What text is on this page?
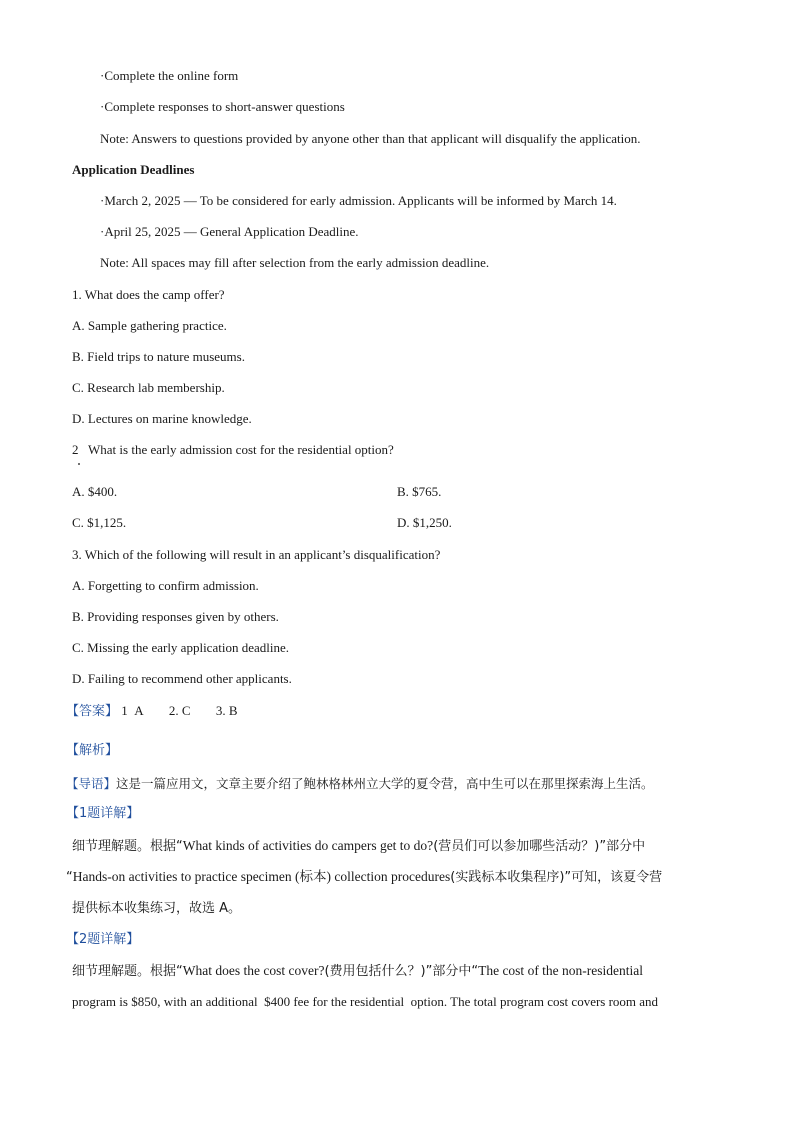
·Complete the online form
·Complete responses to short-answer questions
Note: Answers to questions provided by anyone other than that applicant will disqualify the application.
Application Deadlines
·March 2, 2025 — To be considered for early admission. Applicants will be informed by March 14.
·April 25, 2025 — General Application Deadline.
Note: All spaces may fill after selection from the early admission deadline.
1. What does the camp offer?
A. Sample gathering practice.
B. Field trips to nature museums.
C. Research lab membership.
D. Lectures on marine knowledge.
2   What is the early admission cost for the residential option?
A. $400.	B. $765.
C. $1,125.	D. $1,250.
3. Which of the following will result in an applicant’s disqualification?
A. Forgetting to confirm admission.
B. Providing responses given by others.
C. Missing the early application deadline.
D. Failing to recommend other applicants.
【答案】 1  A 2. C 3. B
【解析】
【导语】这是一篇应用文，文章主要介绍了鲍林格林州立大学的夏令营，高中生可以在那里探索海上生活。
【1题详解】
细节理解题。根据“What kinds of activities do campers get to do?(营员们可以参加哪些活动？)”部分中
“Hands-on activities to practice specimen (标本) collection procedures(实践标本收集程序)”可知，该夏令营
提供标本收集练习，故选 A。
【2题详解】
细节理解题。根据“What does the cost cover?(费用包括什么？)”部分中“The cost of the non-residential
program is $850, with an additional  $400 fee for the residential  option. The total program cost covers room and
